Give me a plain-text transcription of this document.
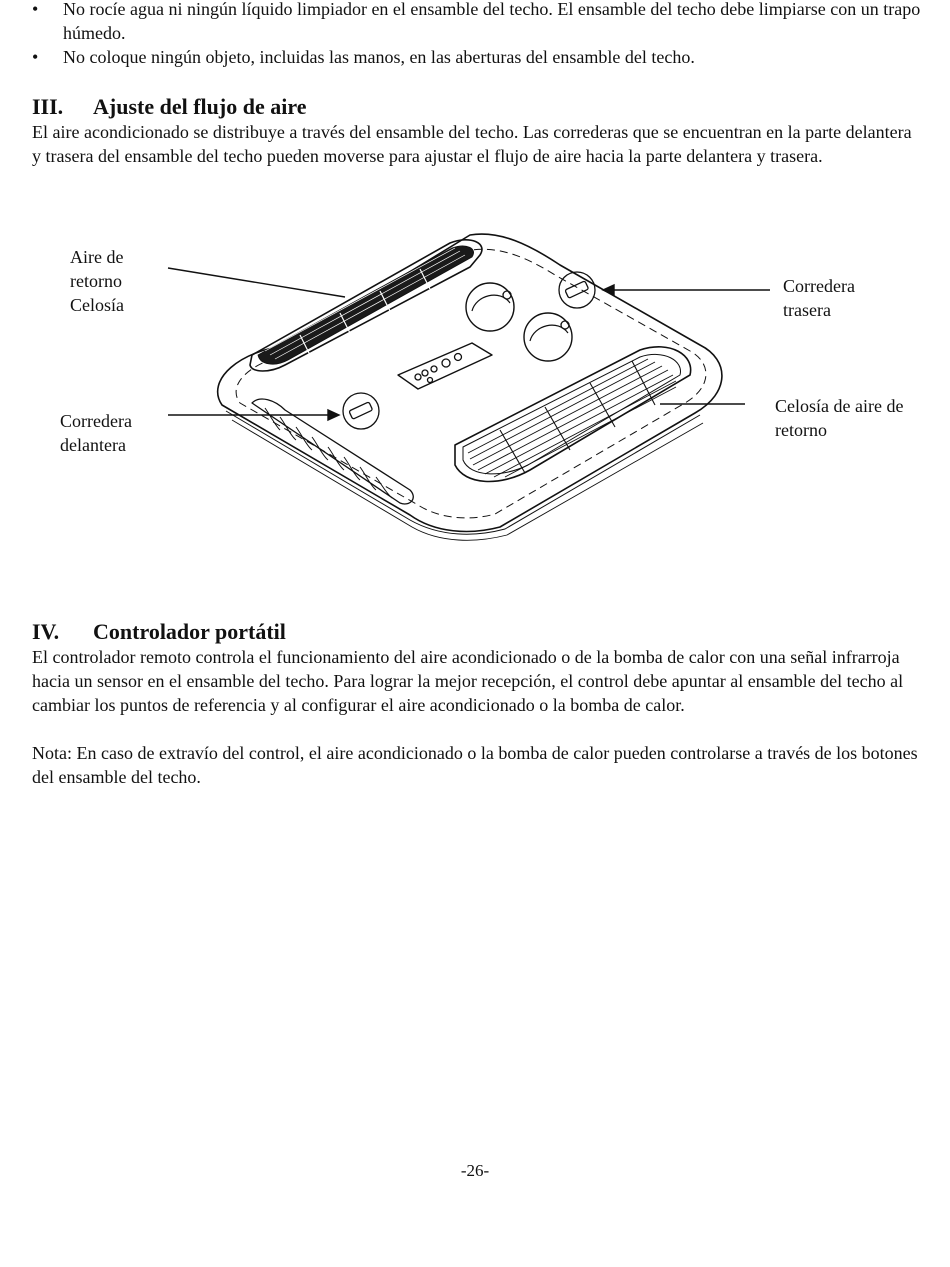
•	No rocíe agua ni ningún líquido limpiador en el ensamble del techo. El ensamble del techo debe limpiarse con un trapo húmedo.
•	No coloque ningún objeto, incluidas las manos, en las aberturas del ensamble del techo.
III. Ajuste del flujo de aire

El aire acondicionado se distribuye a través del ensamble del techo. Las correderas que se encuentran en la parte delantera y trasera del ensamble del techo pueden moverse para ajustar el flujo de aire hacia la parte delantera y trasera.

Aire de
retorno
Celosía

Corredera
trasera

Corredera
delantera

Celosía de aire de
retorno

IV. Controlador portátil

El controlador remoto controla el funcionamiento del aire acondicionado o de la bomba de calor con una señal infrarroja hacia un sensor en el ensamble del techo. Para lograr la mejor recepción, el control debe apuntar al ensamble del techo al cambiar los puntos de referencia y al configurar el aire acondicionado o la bomba de calor.

Nota: En caso de extravío del control, el aire acondicionado o la bomba de calor pueden controlarse a través de los botones del ensamble del techo.

-26-
